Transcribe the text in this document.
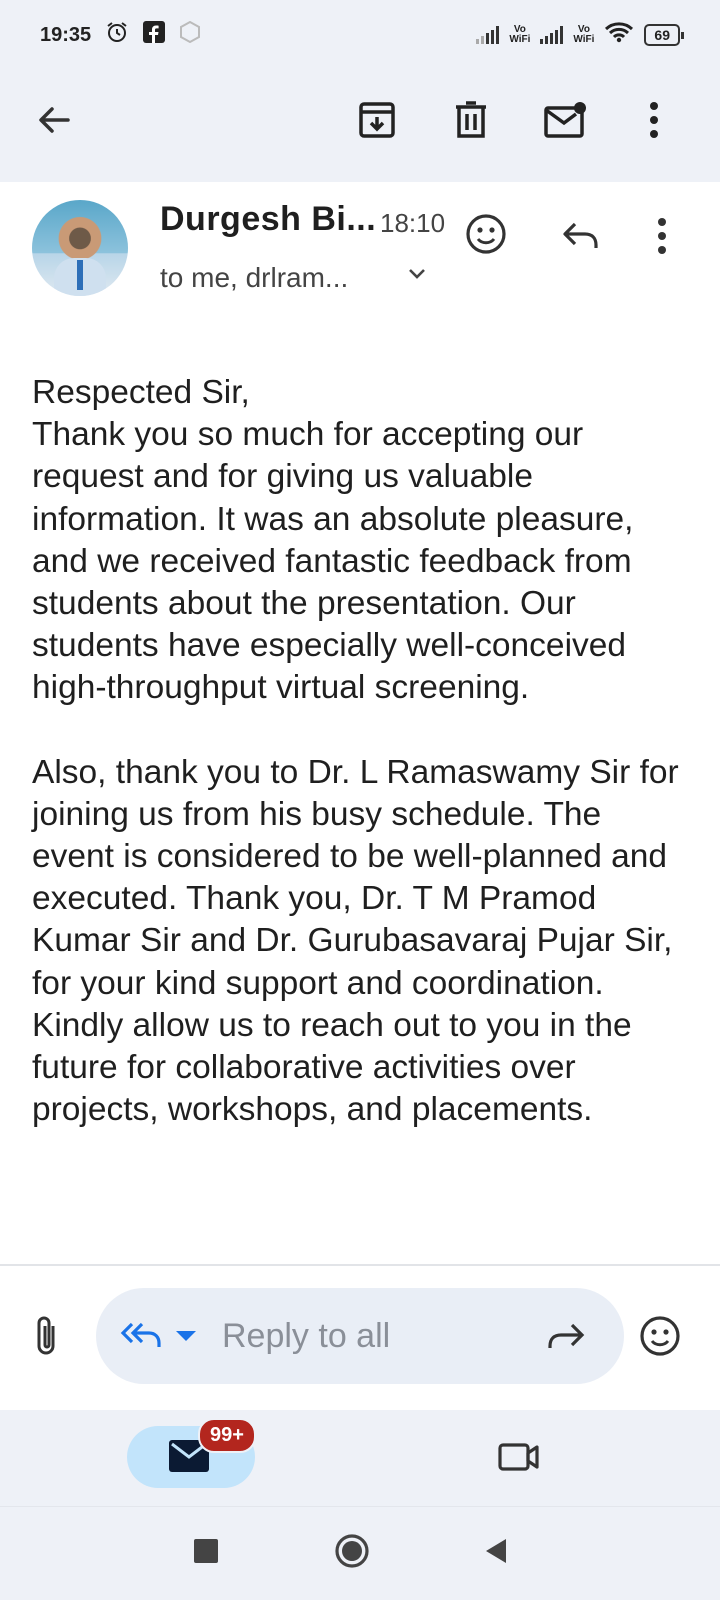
19:35	Vo
WiFi
Vo
WiFi	69
Durgesh Bi... 18:10
to me, drlram...

Respected Sir,
Thank you so much for accepting our request and for giving us valuable information. It was an absolute pleasure, and we received fantastic feedback from students about the presentation. Our students have especially well-conceived high-throughput virtual screening.

Also, thank you to Dr. L Ramaswamy Sir for joining us from his busy schedule. The event is considered to be well-planned and executed. Thank you, Dr. T M Pramod Kumar Sir and Dr. Gurubasavaraj Pujar Sir, for your kind support and coordination. Kindly allow us to reach out to you in the future for collaborative activities over projects, workshops, and placements.

Reply to all
99+
